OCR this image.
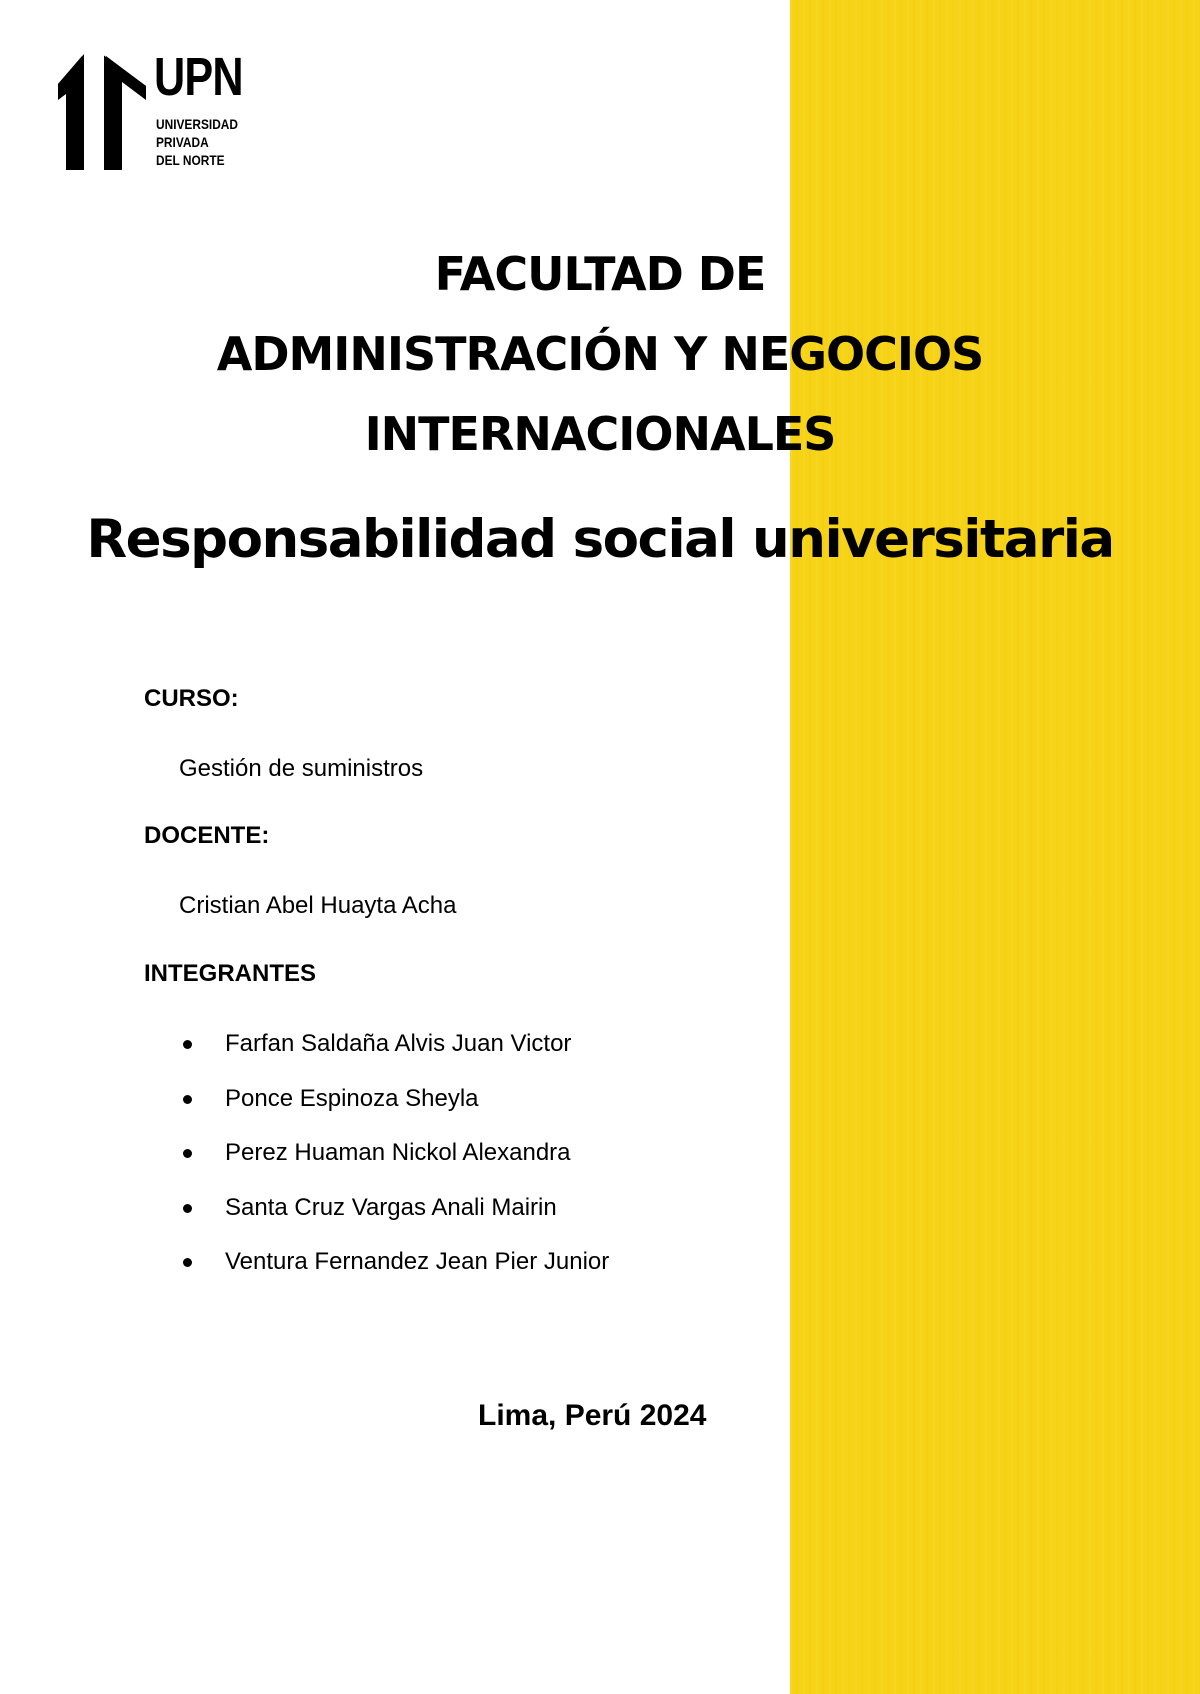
UPN
UNIVERSIDAD
PRIVADA
DEL NORTE
FACULTAD DE
ADMINISTRACIÓN Y NEGOCIOS
INTERNACIONALES
Responsabilidad social universitaria
CURSO:
Gestión de suministros
DOCENTE:
Cristian Abel Huayta Acha
INTEGRANTES
Farfan Saldaña Alvis Juan Victor
Ponce Espinoza Sheyla
Perez Huaman Nickol Alexandra
Santa Cruz Vargas Anali Mairin
Ventura Fernandez Jean Pier Junior
Lima, Perú 2024
